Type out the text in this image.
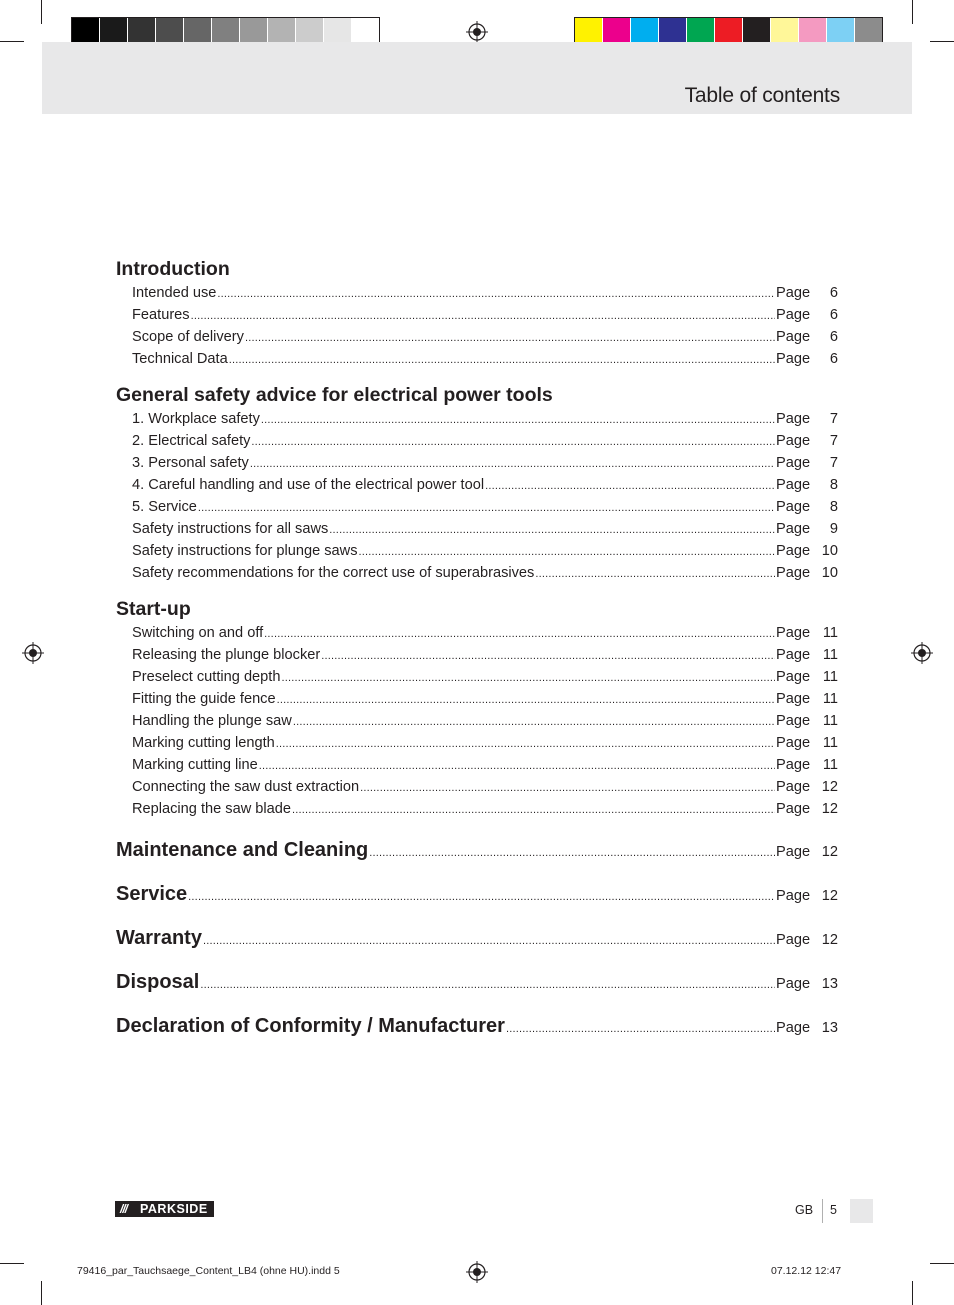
Table of contents
Introduction
Intended use .....	Page	6
Features .....	Page	6
Scope of delivery .....	Page	6
Technical Data .....	Page	6
General safety advice for electrical power tools
1. Workplace safety .....	Page	7
2. Electrical safety .....	Page	7
3. Personal safety .....	Page	7
4. Careful handling and use of the electrical power tool .....	Page	8
5. Service .....	Page	8
Safety instructions for all saws .....	Page	9
Safety instructions for plunge saws .....	Page 10
Safety recommendations for the correct use of superabrasives .....	Page 10
Start-up
Switching on and off .....	Page 11
Releasing the plunge blocker .....	Page 11
Preselect cutting depth .....	Page 11
Fitting the guide fence .....	Page 11
Handling the plunge saw .....	Page 11
Marking cutting length .....	Page 11
Marking cutting line .....	Page 11
Connecting the saw dust extraction .....	Page 12
Replacing the saw blade .....	Page 12
Maintenance and Cleaning .....	Page 12
Service .....	Page 12
Warranty .....	Page 12
Disposal .....	Page 13
Declaration of Conformity / Manufacturer .....	Page 13
/// PARKSIDE	GB 5
79416_par_Tauchsaege_Content_LB4 (ohne HU).indd 5	07.12.12 12:47
